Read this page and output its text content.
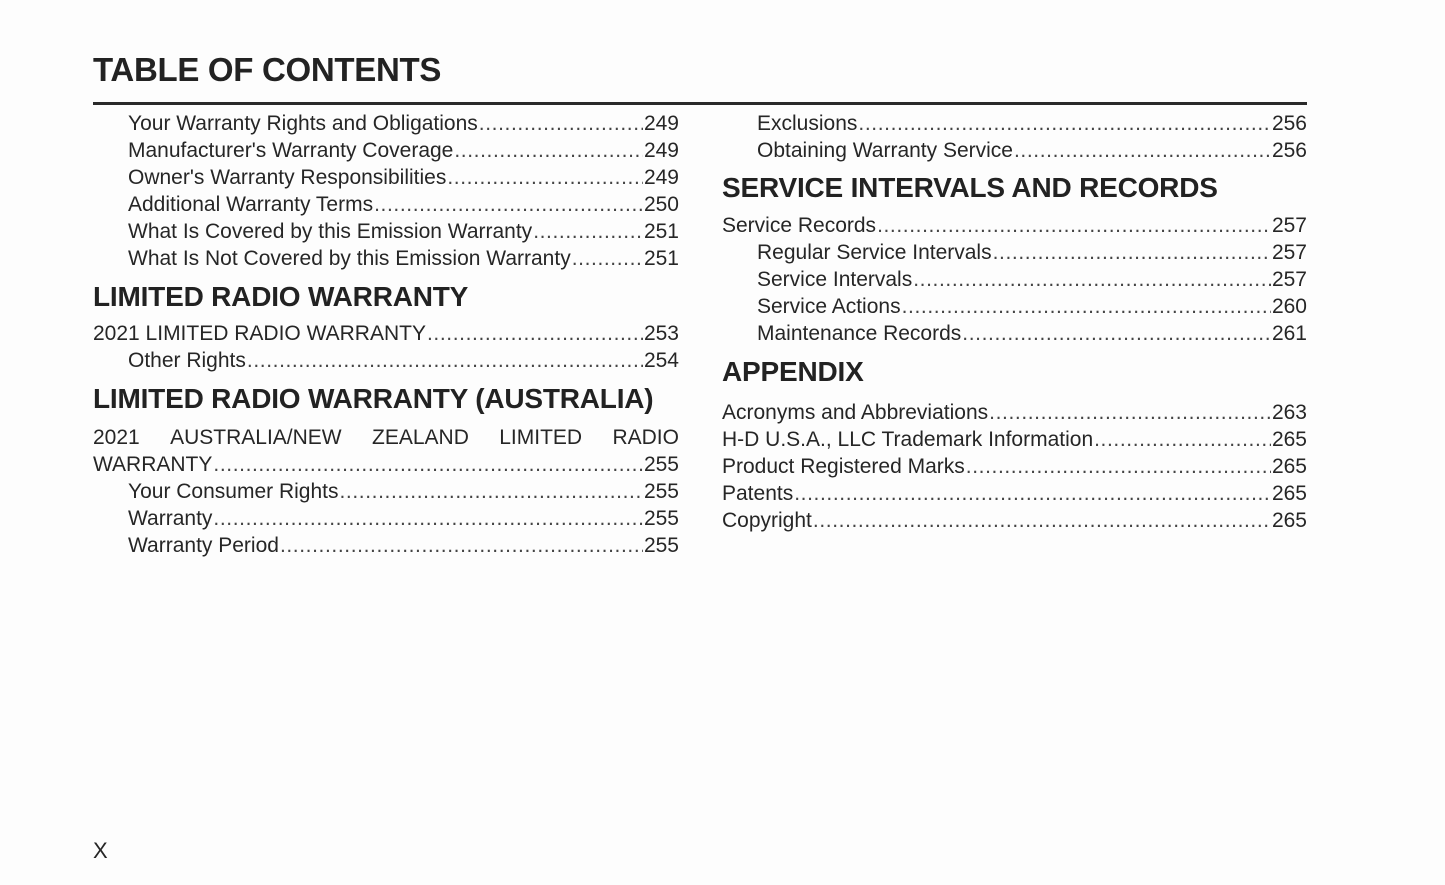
TABLE OF CONTENTS
Your Warranty Rights and Obligations .....	249
Manufacturer's Warranty Coverage .....	249
Owner's Warranty Responsibilities .....	249
Additional Warranty Terms .....	250
What Is Covered by this Emission Warranty .....	251
What Is Not Covered by this Emission Warranty .....	251
LIMITED RADIO WARRANTY
2021 LIMITED RADIO WARRANTY .....	253
Other Rights .....	254
LIMITED RADIO WARRANTY (AUSTRALIA)
2021 AUSTRALIA/NEW ZEALAND LIMITED RADIO
WARRANTY .....	255
Your Consumer Rights .....	255
Warranty .....	255
Warranty Period .....	255
Exclusions .....	256
Obtaining Warranty Service .....	256
SERVICE INTERVALS AND RECORDS
Service Records .....	257
Regular Service Intervals .....	257
Service Intervals .....	257
Service Actions .....	260
Maintenance Records .....	261
APPENDIX
Acronyms and Abbreviations .....	263
H-D U.S.A., LLC Trademark Information .....	265
Product Registered Marks .....	265
Patents .....	265
Copyright .....	265
X
